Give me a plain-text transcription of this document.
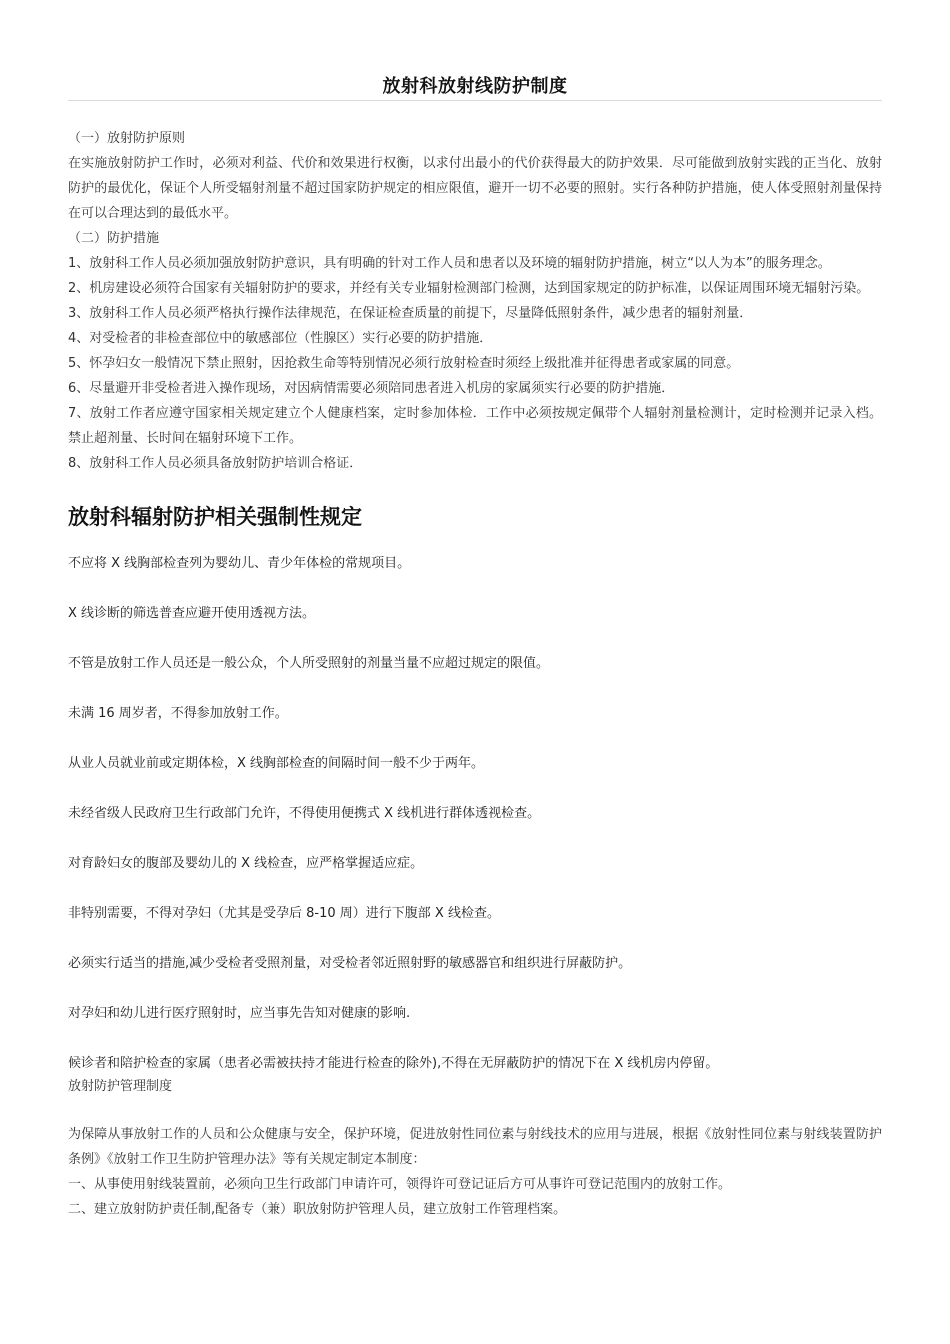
放射科放射线防护制度

（一）放射防护原则

在实施放射防护工作时，必须对利益、代价和效果进行权衡，以求付出最小的代价获得最大的防护效果．尽可能做到放射实践的正当化、放射防护的最优化，保证个人所受辐射剂量不超过国家防护规定的相应限值，避开一切不必要的照射。实行各种防护措施，使人体受照射剂量保持在可以合理达到的最低水平。

（二）防护措施

1、放射科工作人员必须加强放射防护意识，具有明确的针对工作人员和患者以及环境的辐射防护措施，树立“以人为本”的服务理念。

2、机房建设必须符合国家有关辐射防护的要求，并经有关专业辐射检测部门检测，达到国家规定的防护标准，以保证周围环境无辐射污染。

3、放射科工作人员必须严格执行操作法律规范，在保证检查质量的前提下，尽量降低照射条件，减少患者的辐射剂量．

4、对受检者的非检查部位中的敏感部位（性腺区）实行必要的防护措施．

5、怀孕妇女一般情况下禁止照射，因抢救生命等特别情况必须行放射检查时须经上级批准并征得患者或家属的同意。

6、尽量避开非受检者进入操作现场，对因病情需要必须陪同患者进入机房的家属须实行必要的防护措施．

7、放射工作者应遵守国家相关规定建立个人健康档案，定时参加体检．工作中必须按规定佩带个人辐射剂量检测计，定时检测并记录入档。禁止超剂量、长时间在辐射环境下工作。

8、放射科工作人员必须具备放射防护培训合格证．

放射科辐射防护相关强制性规定

不应将 X 线胸部检查列为婴幼儿、青少年体检的常规项目。

X 线诊断的筛选普查应避开使用透视方法。

不管是放射工作人员还是一般公众，个人所受照射的剂量当量不应超过规定的限值。

未满 16 周岁者，不得参加放射工作。

从业人员就业前或定期体检，X 线胸部检查的间隔时间一般不少于两年。

未经省级人民政府卫生行政部门允许，不得使用便携式 X 线机进行群体透视检查。

对育龄妇女的腹部及婴幼儿的 X 线检查，应严格掌握适应症。

非特别需要，不得对孕妇（尤其是受孕后 8-10 周）进行下腹部 X 线检查。

必须实行适当的措施,减少受检者受照剂量，对受检者邻近照射野的敏感器官和组织进行屏蔽防护。

对孕妇和幼儿进行医疗照射时，应当事先告知对健康的影响.

候诊者和陪护检查的家属（患者必需被扶持才能进行检查的除外),不得在无屏蔽防护的情况下在 X 线机房内停留。

放射防护管理制度

为保障从事放射工作的人员和公众健康与安全，保护环境，促进放射性同位素与射线技术的应用与进展，根据《放射性同位素与射线装置防护条例》《放射工作卫生防护管理办法》等有关规定制定本制度：

一、从事使用射线装置前，必须向卫生行政部门申请许可，领得许可登记证后方可从事许可登记范围内的放射工作。

二、建立放射防护责任制,配备专（兼）职放射防护管理人员，建立放射工作管理档案。
